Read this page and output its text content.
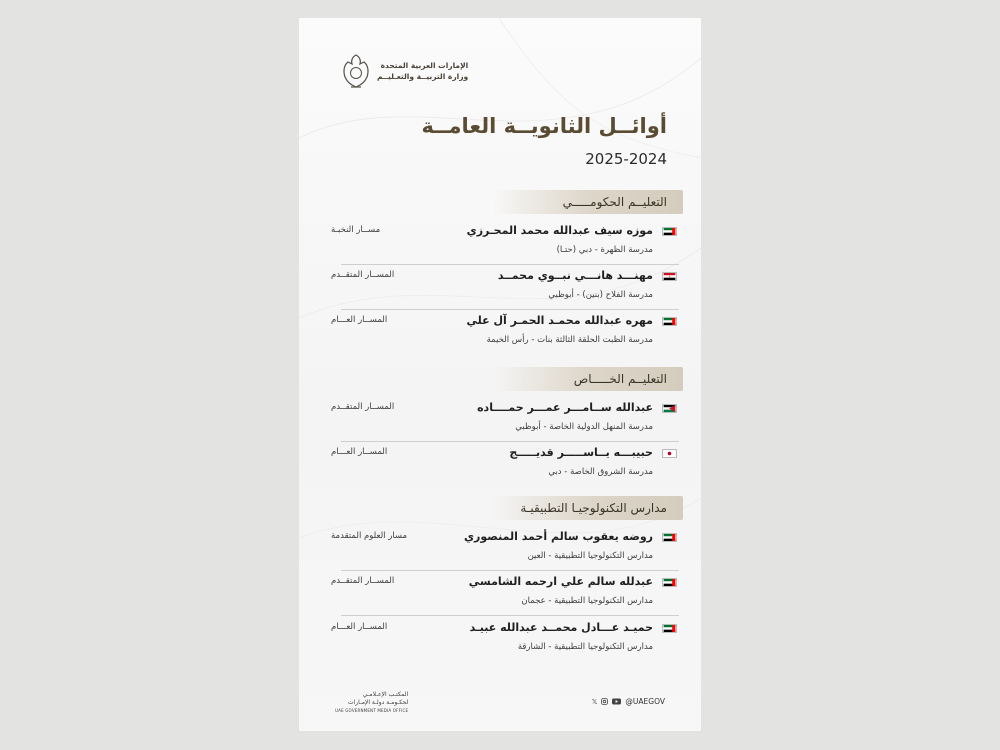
الإمارات العربية المتحدة
وزارة التربيــة والتعـليــم
أوائــل الثانويــة العامــة
2025-2024
التعليــم الحكومـــــي
موزه سيف عبدالله محمد المحـرزي
مدرسة الظهرة - دبي (حتـا)
مســار النخبـة
مهنـــد هانـــي نبــوي محمــد
مدرسة الفلاح (بنين) - أبوظبي
المســار المتقــدم
مهره عبدالله محمـد الحمـر آل علي
مدرسة الظبت الحلقة الثالثة بنات - رأس الخيمة
المســار العـــام
التعليــم الخـــــاص
عبدالله ســامـــر عمـــر حمــــاده
مدرسة المنهل الدولية الخاصة - أبوظبي
المســار المتقــدم
حبيبـــه يــاســـــر قديـــــج
مدرسة الشروق الخاصة - دبي
المســار العـــام
مدارس التكنولوجيـا التطبيقيـة
روضه يعقوب سالم أحمد المنصوري
مدارس التكنولوجيا التطبيقية - العين
مسار العلوم المتقدمة
عبدلله سالم علي ارحمه الشامسي
مدارس التكنولوجيا التطبيقية - عجمان
المســار المتقــدم
حميـد عـــادل محمــد عبدالله عبيـد
مدارس التكنولوجيا التطبيقية - الشارقة
المســار العـــام
المكتـب الإعـلامـي
لحكـومـة دولـة الإمـارات
UAE GOVERNMENT MEDIA OFFICE
𝕏	@UAEGOV
